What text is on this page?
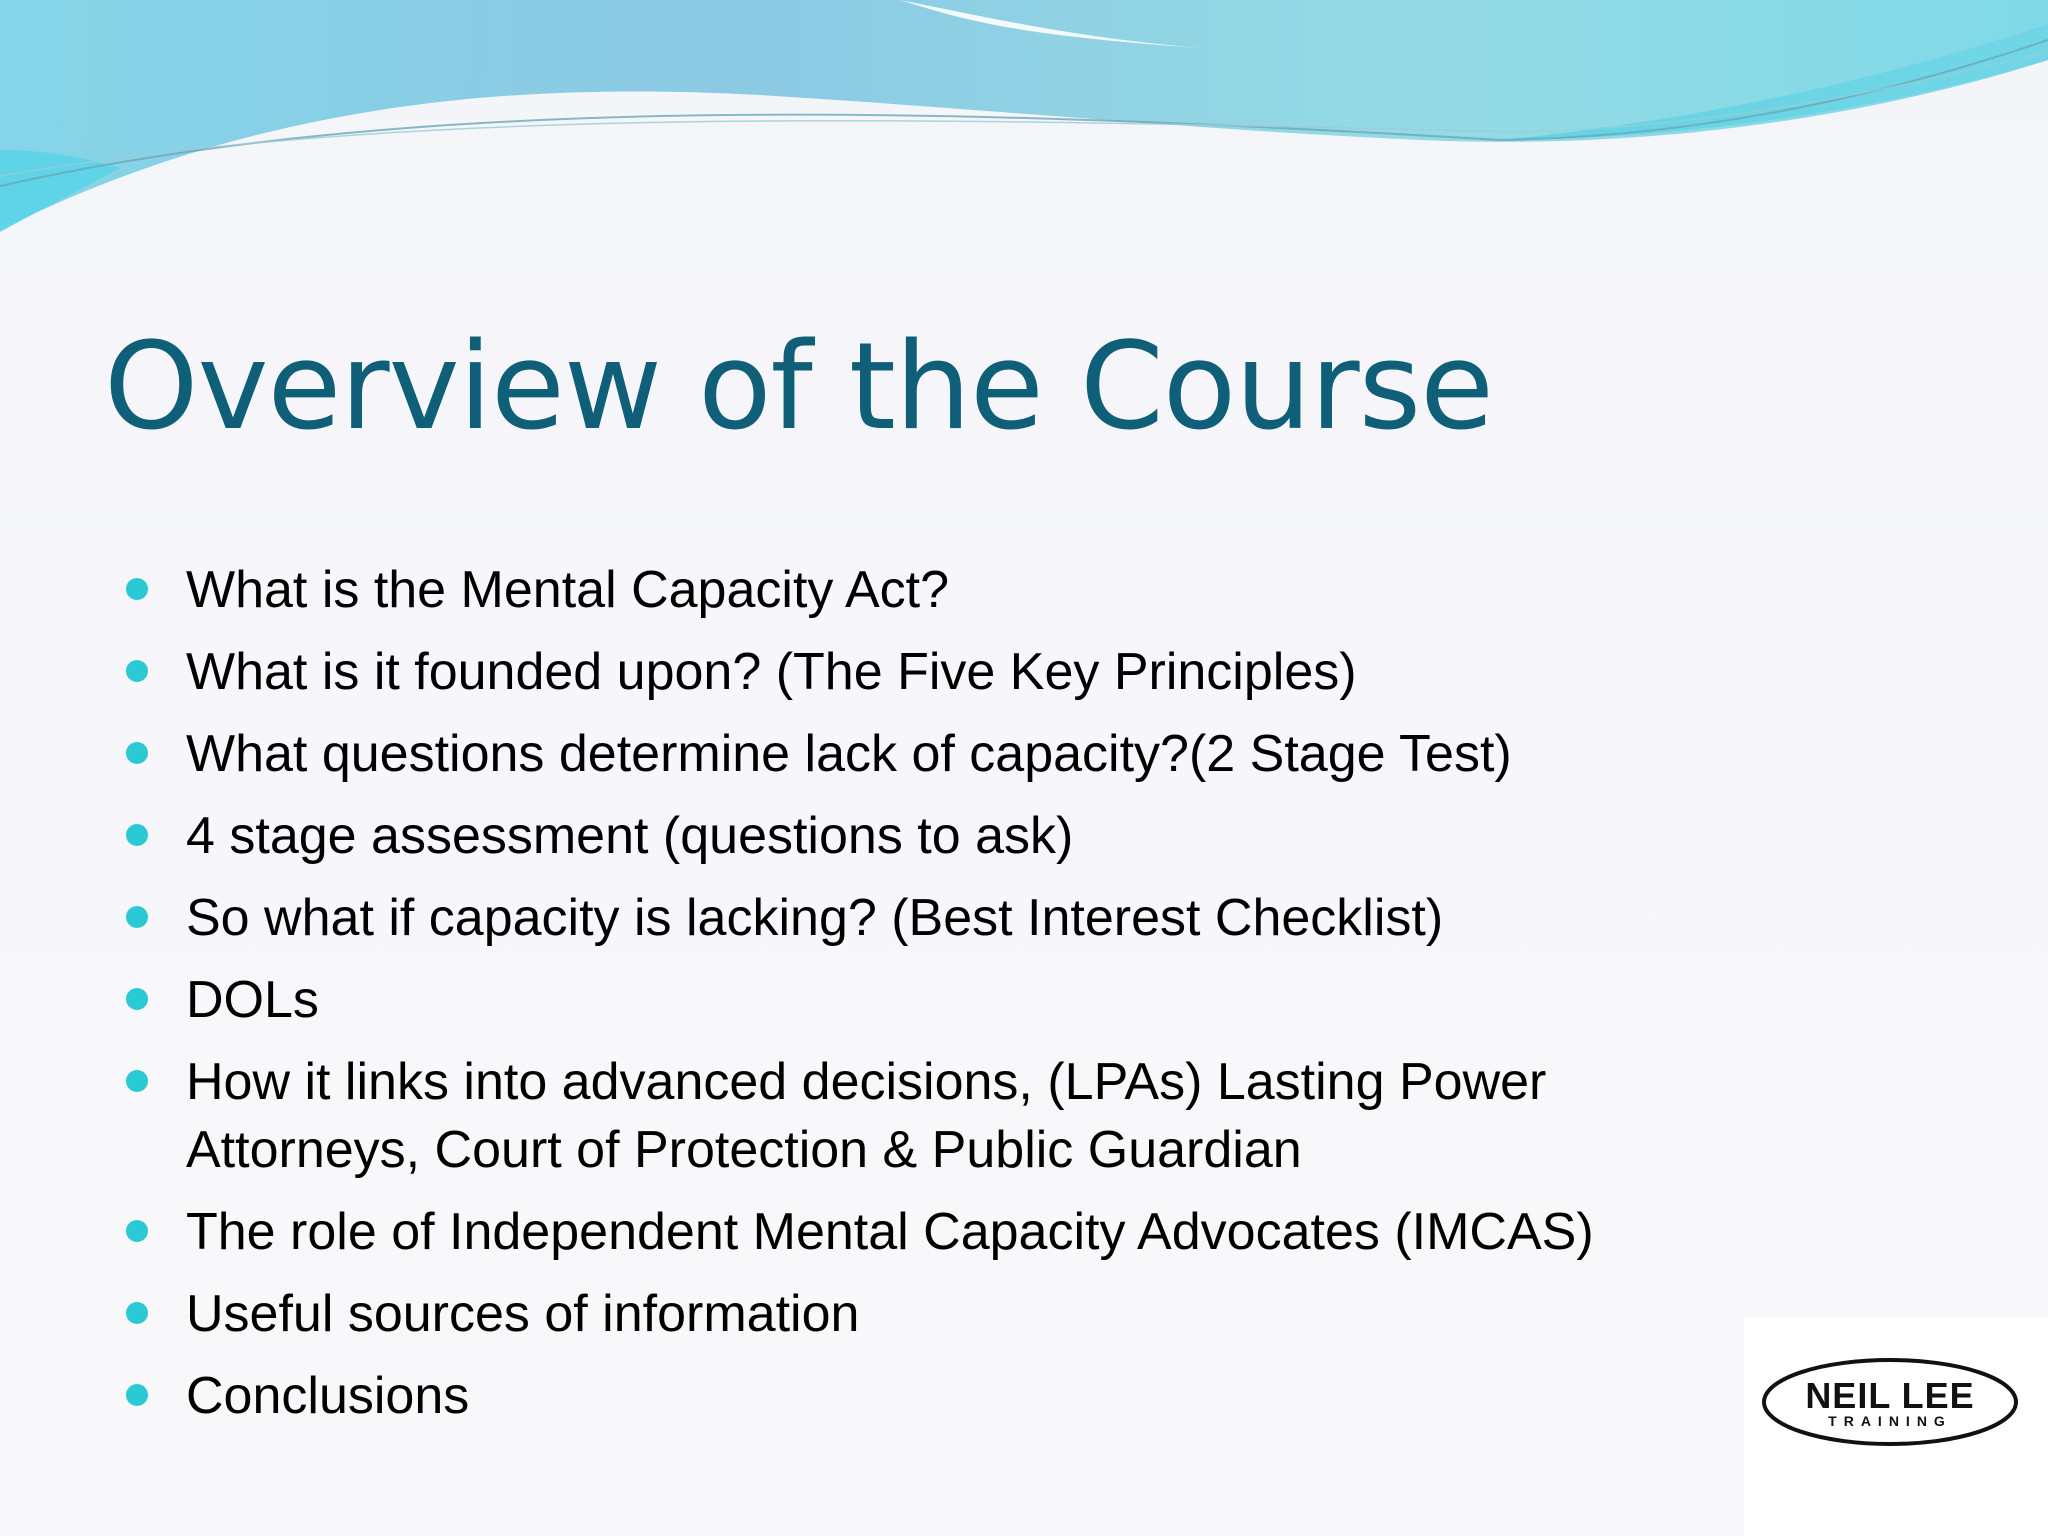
Overview of the Course
What is the Mental Capacity Act?
What is it founded upon? (The Five Key Principles)
What questions determine lack of capacity?(2 Stage Test)
4 stage assessment (questions to ask)
So what if capacity is lacking? (Best Interest Checklist)
DOLs
How it links into advanced decisions, (LPAs) Lasting Power Attorneys, Court of Protection & Public Guardian
The role of Independent Mental Capacity Advocates (IMCAS)
Useful sources of information
Conclusions	NEIL LEE
TRAINING
